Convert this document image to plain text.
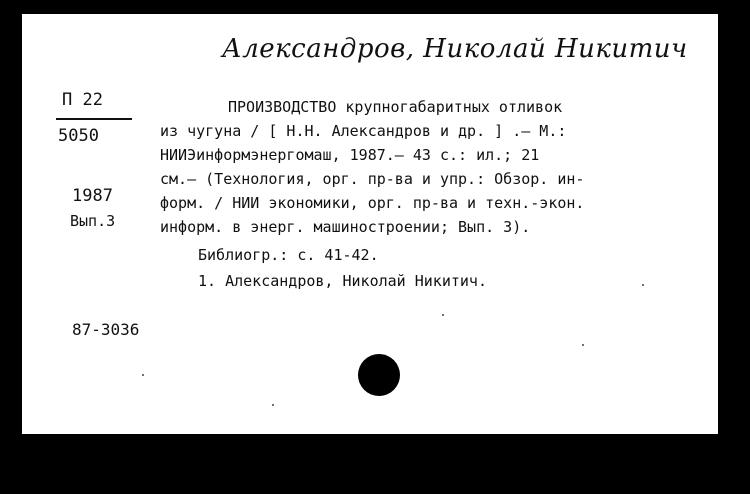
Александров, Николай Никитич
П 22
5050
1987
Вып.3
ПРОИЗВОДСТВО крупногабаритных отливок
из чугуна / [ Н.Н. Александров и др. ] .— М.:
НИИЭинформэнергомаш, 1987.— 43 с.: ил.; 21
см.— (Технология, орг. пр-ва и упр.: Обзор. ин-
форм. / НИИ экономики, орг. пр-ва и техн.-экон.
информ. в энерг. машиностроении; Вып. 3).
Библиогр.: с. 41-42.
1. Александров, Николай Никитич.
87-3036
